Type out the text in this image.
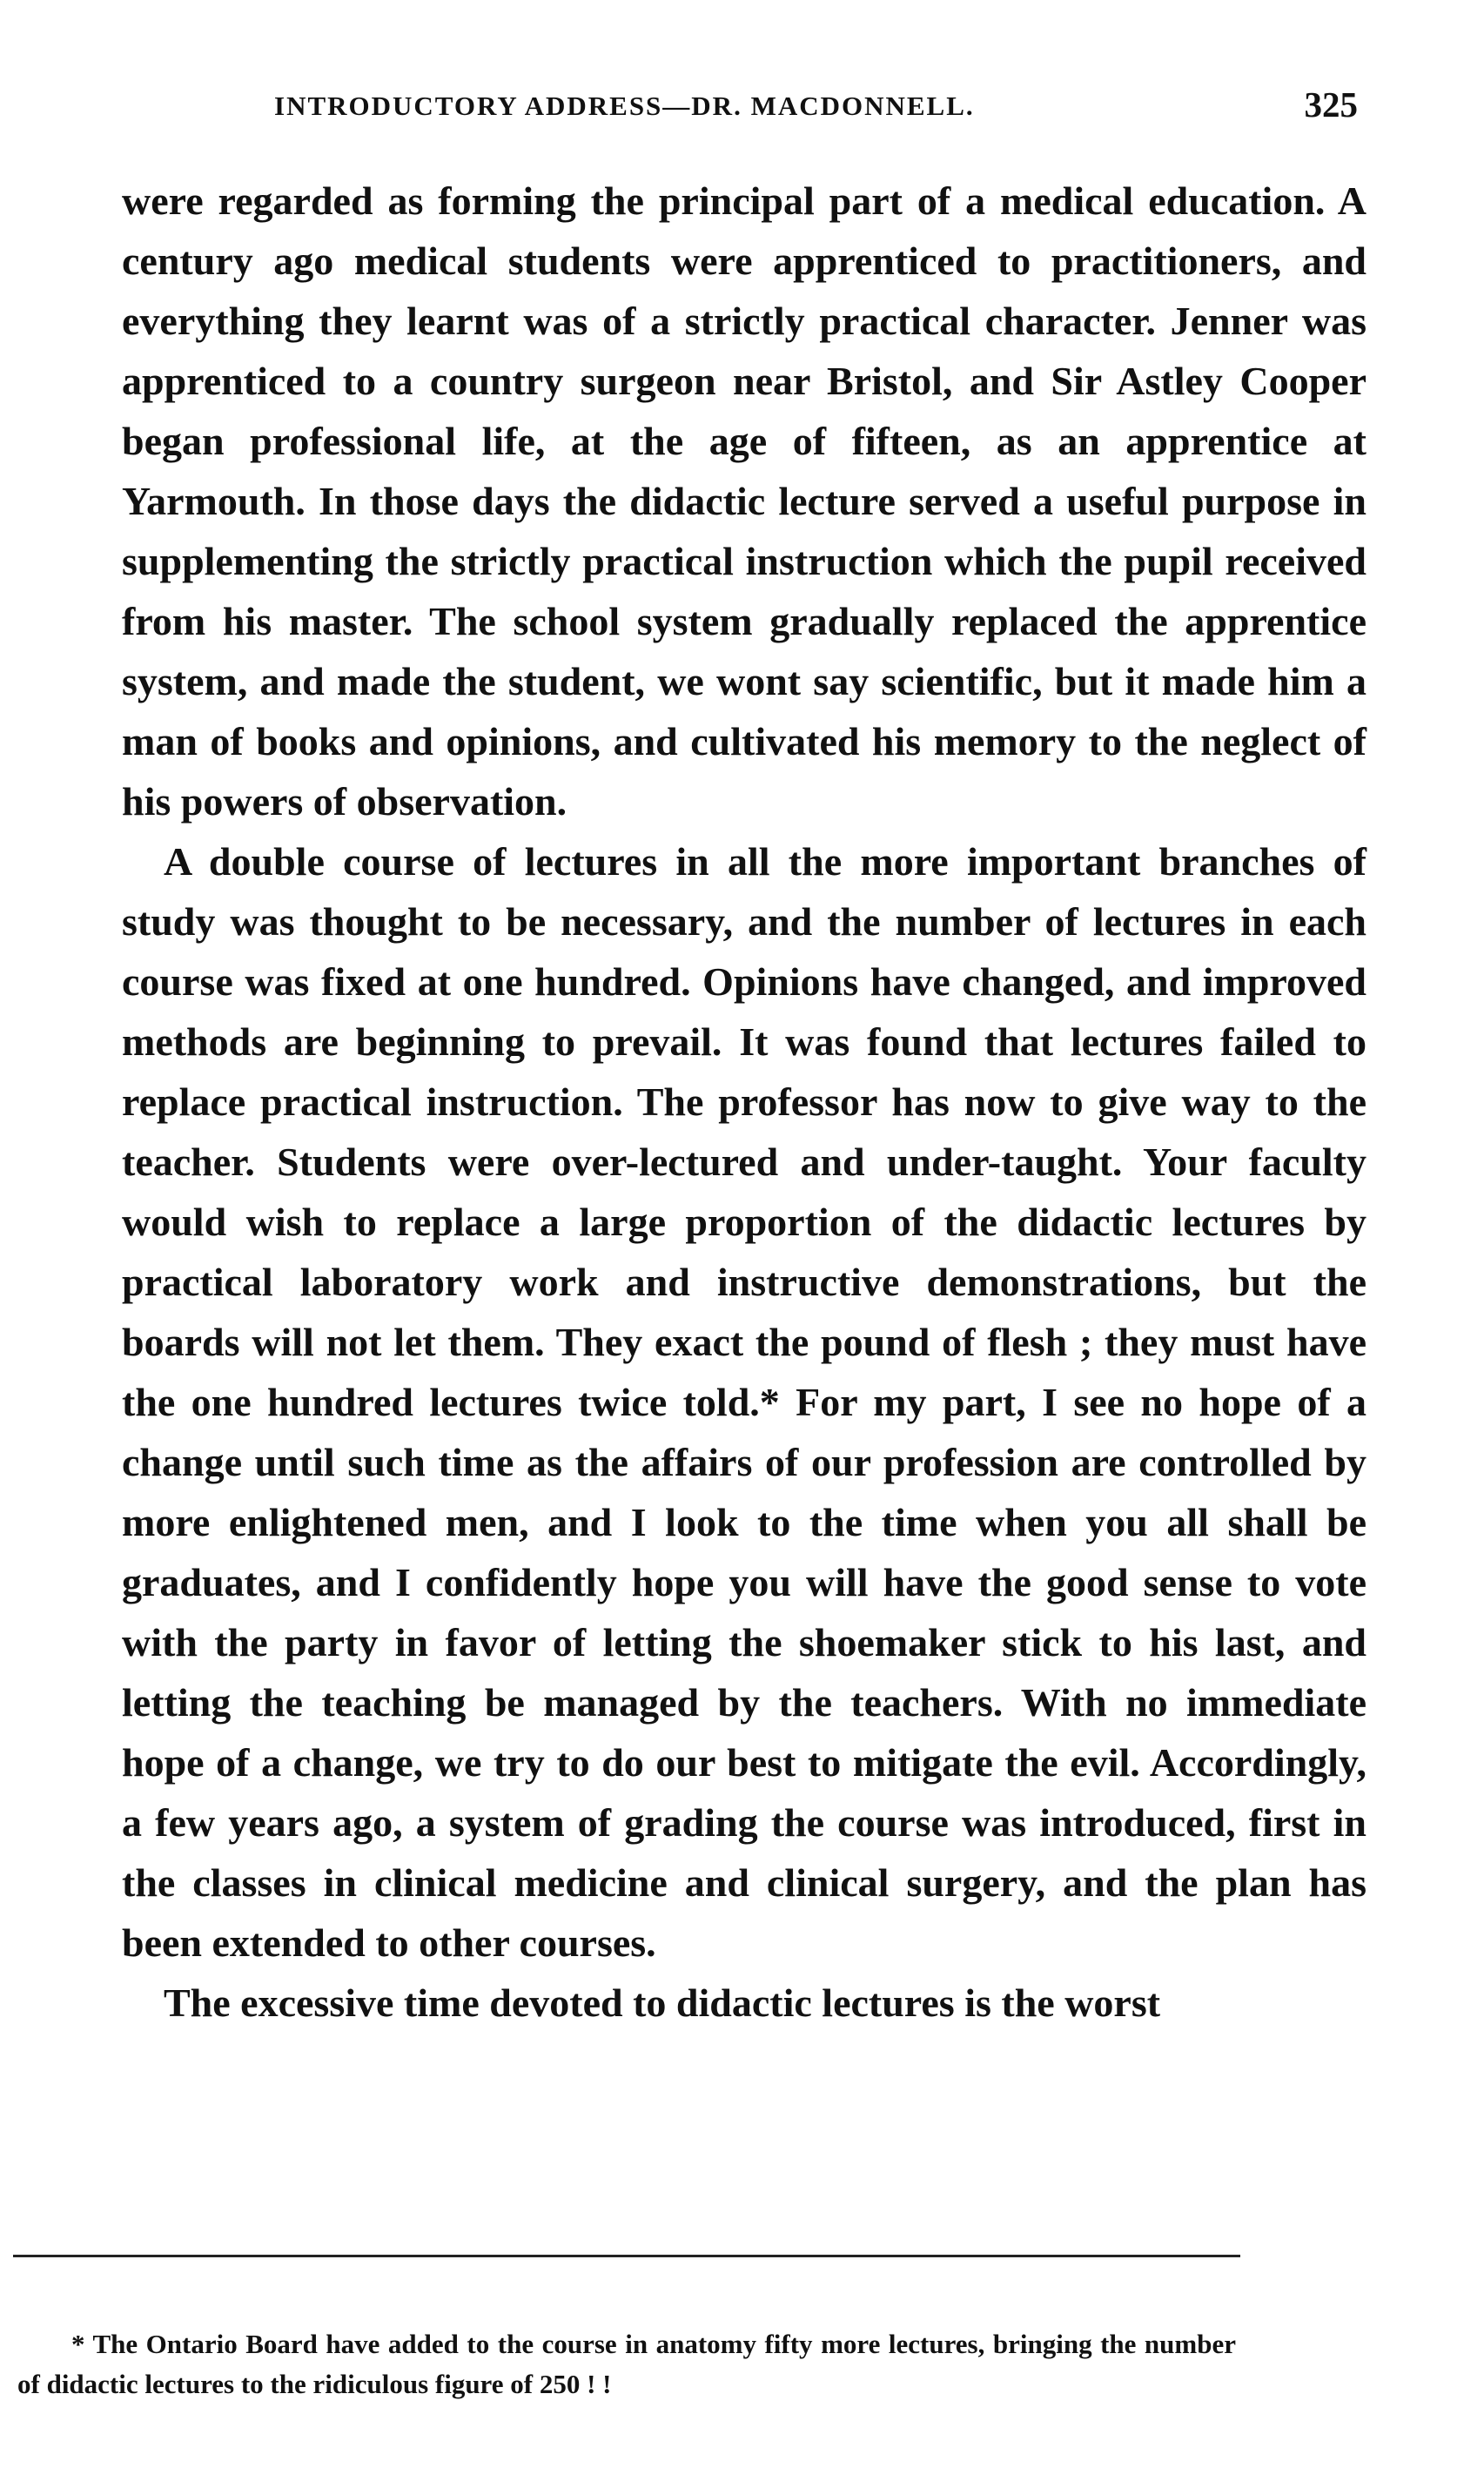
INTRODUCTORY ADDRESS—DR. MACDONNELL.	325

were regarded as forming the principal part of a medical education. A century ago medical students were apprenticed to practitioners, and everything they learnt was of a strictly practical character. Jenner was apprenticed to a country surgeon near Bristol, and Sir Astley Cooper began professional life, at the age of fifteen, as an apprentice at Yarmouth. In those days the didactic lecture served a useful purpose in supplementing the strictly practical instruction which the pupil received from his master. The school system gradually replaced the apprentice system, and made the student, we wont say scientific, but it made him a man of books and opinions, and cultivated his memory to the neglect of his powers of observation.

A double course of lectures in all the more important branches of study was thought to be necessary, and the number of lectures in each course was fixed at one hundred. Opinions have changed, and improved methods are beginning to prevail. It was found that lectures failed to replace practical instruction. The professor has now to give way to the teacher. Students were over-lectured and under-taught. Your faculty would wish to replace a large proportion of the didactic lectures by practical laboratory work and instructive demonstrations, but the boards will not let them. They exact the pound of flesh ; they must have the one hundred lectures twice told.* For my part, I see no hope of a change until such time as the affairs of our profession are controlled by more enlightened men, and I look to the time when you all shall be graduates, and I confidently hope you will have the good sense to vote with the party in favor of letting the shoemaker stick to his last, and letting the teaching be managed by the teachers. With no immediate hope of a change, we try to do our best to mitigate the evil. Accordingly, a few years ago, a system of grading the course was introduced, first in the classes in clinical medicine and clinical surgery, and the plan has been extended to other courses.

The excessive time devoted to didactic lectures is the worst

* The Ontario Board have added to the course in anatomy fifty more lectures, bringing the number of didactic lectures to the ridiculous figure of 250 ! !
